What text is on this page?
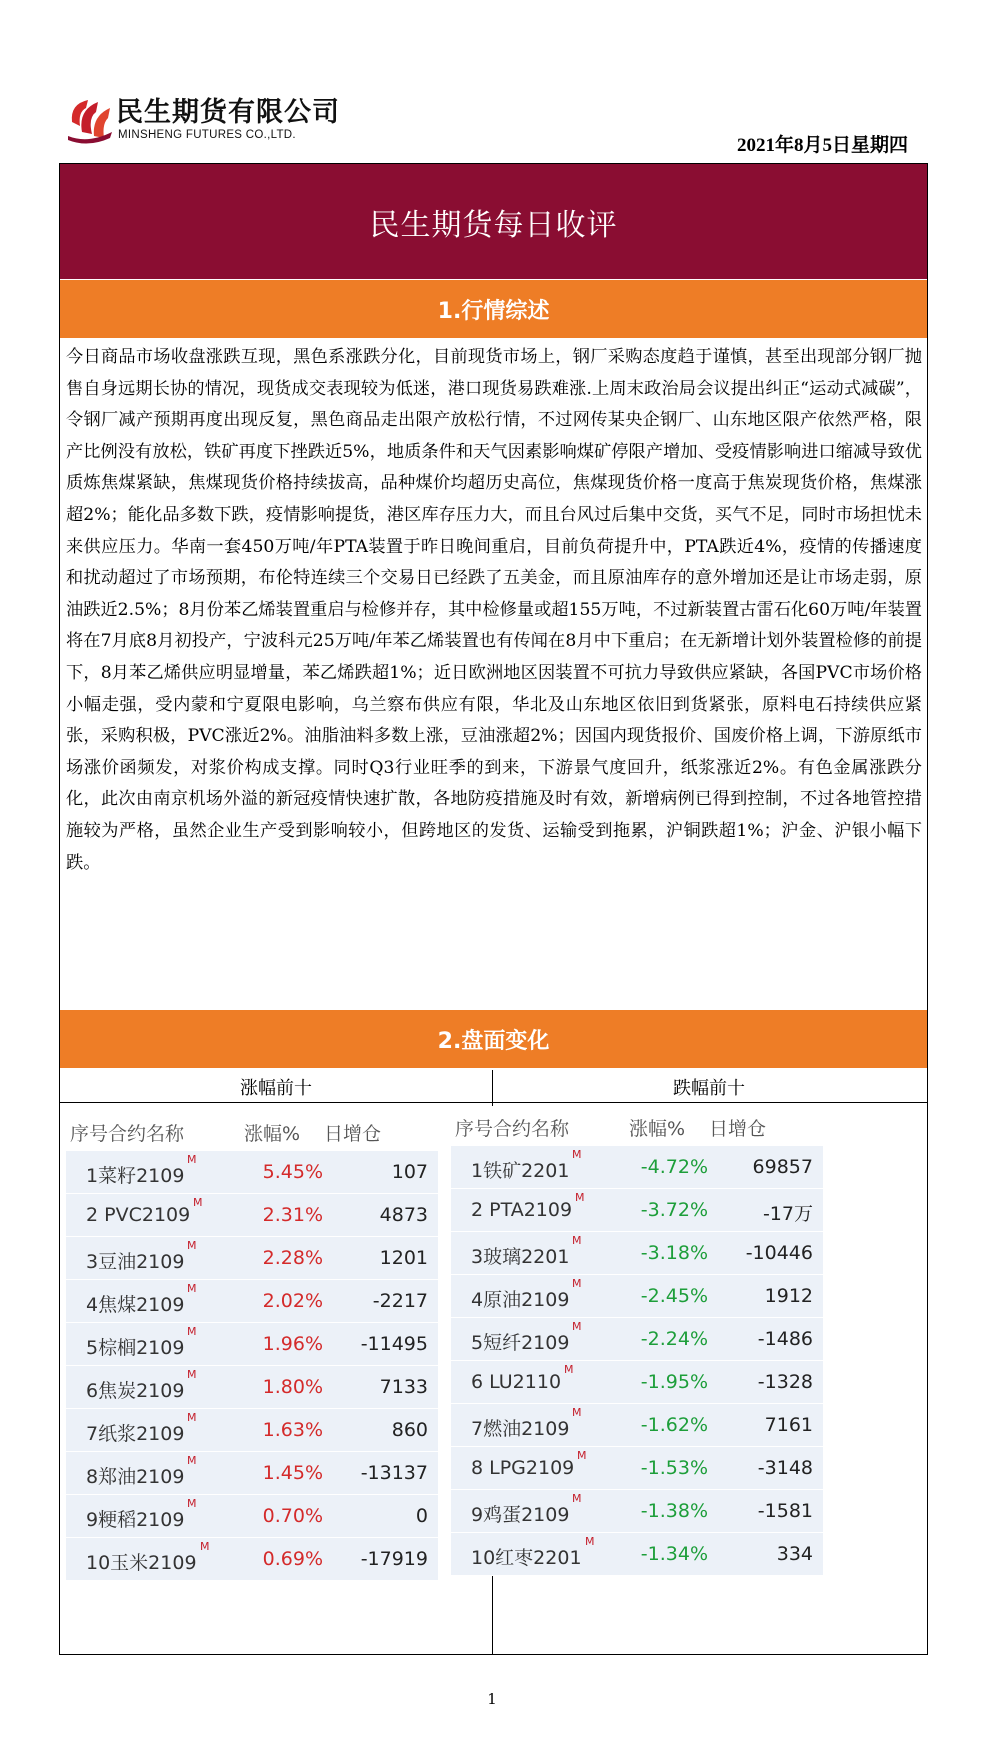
民生期货有限公司
MINSHENG FUTURES CO.,LTD.	2021年8月5日星期四
民生期货每日收评
1.行情综述
今日商品市场收盘涨跌互现，黑色系涨跌分化，目前现货市场上，钢厂采购态度趋于谨慎，甚至出现部分钢厂抛售自身远期长协的情况，现货成交表现较为低迷，港口现货易跌难涨.上周末政治局会议提出纠正“运动式减碳”，令钢厂减产预期再度出现反复，黑色商品走出限产放松行情，不过网传某央企钢厂、山东地区限产依然严格，限产比例没有放松，铁矿再度下挫跌近5%，地质条件和天气因素影响煤矿停限产增加、受疫情影响进口缩减导致优质炼焦煤紧缺，焦煤现货价格持续拔高，品种煤价均超历史高位，焦煤现货价格一度高于焦炭现货价格，焦煤涨超2%；能化品多数下跌，疫情影响提货，港区库存压力大，而且台风过后集中交货，买气不足，同时市场担忧未来供应压力。华南一套450万吨/年PTA装置于昨日晚间重启，目前负荷提升中，PTA跌近4%，疫情的传播速度和扰动超过了市场预期，布伦特连续三个交易日已经跌了五美金，而且原油库存的意外增加还是让市场走弱，原油跌近2.5%；8月份苯乙烯装置重启与检修并存，其中检修量或超155万吨，不过新装置古雷石化60万吨/年装置将在7月底8月初投产，宁波科元25万吨/年苯乙烯装置也有传闻在8月中下重启；在无新增计划外装置检修的前提下，8月苯乙烯供应明显增量，苯乙烯跌超1%；近日欧洲地区因装置不可抗力导致供应紧缺，各国PVC市场价格小幅走强，受内蒙和宁夏限电影响，乌兰察布供应有限，华北及山东地区依旧到货紧张，原料电石持续供应紧张，采购积极，PVC涨近2%。油脂油料多数上涨，豆油涨超2%；因国内现货报价、国废价格上调，下游原纸市场涨价函频发，对浆价构成支撑。同时Q3行业旺季的到来，下游景气度回升，纸浆涨近2%。有色金属涨跌分化，此次由南京机场外溢的新冠疫情快速扩散，各地防疫措施及时有效，新增病例已得到控制，不过各地管控措施较为严格，虽然企业生产受到影响较小，但跨地区的发货、运输受到拖累，沪铜跌超1%；沪金、沪银小幅下跌。
2.盘面变化
涨幅前十	跌幅前十
序号合约名称	涨幅% 日增仓
1菜籽2109
M
5.45%	107
2 PVC2109
M
2.31%	4873
3豆油2109
M
2.28%	1201
4焦煤2109
M
2.02%	-2217
5棕榈2109
M
1.96% -11495
6焦炭2109
M
1.80%	7133
7纸浆2109
M
1.63%	860
8郑油2109
M
1.45% -13137
9粳稻2109
M
0.70%	0
10玉米2109
M
0.69% -17919
序号合约名称	涨幅% 日增仓
1铁矿2201
M
-4.72% 69857
2 PTA2109
M
-3.72%	-17万
3玻璃2201
M
-3.18% -10446
4原油2109
M
-2.45%	1912
5短纤2109
M
-2.24%	-1486
6 LU2110
M
-1.95%	-1328
7燃油2109
M
-1.62%	7161
8 LPG2109
M
-1.53%	-3148
9鸡蛋2109
M
-1.38%	-1581
10红枣2201
M
-1.34%	334
1
